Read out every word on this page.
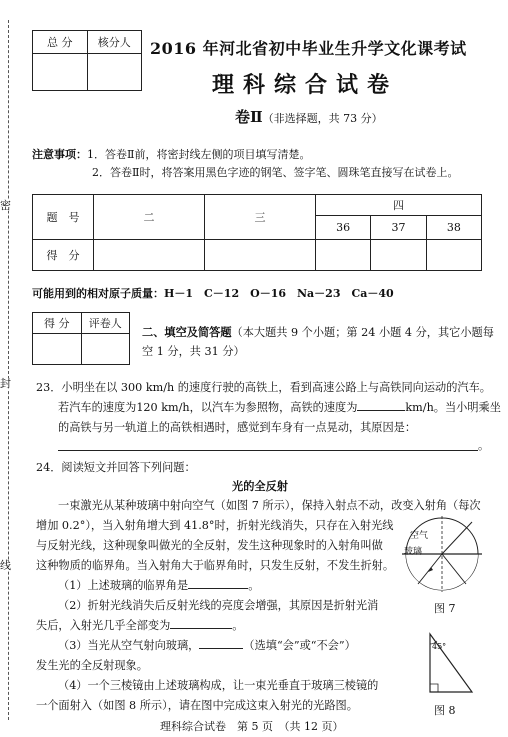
密
封
线
总 分	核分人
	2016 年河北省初中毕业生升学文化课考试
理科综合试卷
卷Ⅱ（非选择题，共 73 分）
注意事项：1．答卷Ⅱ前，将密封线左侧的项目填写清楚。
2．答卷Ⅱ时，将答案用黑色字迹的钢笔、签字笔、圆珠笔直接写在试卷上。
题　号	二	三	四		
			36	37	38
得　分					
可能用到的相对原子质量：H－1　C－12　O－16　Na－23　Ca－40
得 分	评卷人

二、填空及简答题（本大题共 9 个小题；第 24 小题 4 分，其它小题每
空 1 分，共 31 分）
23．小明坐在以 300 km/h 的速度行驶的高铁上，看到高速公路上与高铁同向运动的汽车。
若汽车的速度为120 km/h，以汽车为参照物，高铁的速度为	km/h。当小明乘坐
的高铁与另一轨道上的高铁相遇时，感觉到车身有一点晃动，其原因是：
。
24．阅读短文并回答下列问题：
光的全反射
一束激光从某种玻璃中射向空气（如图 7 所示），保持入射点不动，改变入射角（每次
增加 0.2°），当入射角增大到 41.8°时，折射光线消失，只存在入射光线
与反射光线，这种现象叫做光的全反射，发生这种现象时的入射角叫做
这种物质的临界角。当入射角大于临界角时，只发生反射，不发生折射。
（1）上述玻璃的临界角是	。
（2）折射光线消失后反射光线的亮度会增强，其原因是折射光消
失后，入射光几乎全部变为	。
（3）当光从空气射向玻璃，	（选填“会”或“不会”）
发生光的全反射现象。
（4）一个三棱镜由上述玻璃构成，让一束光垂直于玻璃三棱镜的
一个面射入（如图 8 所示），请在图中完成这束入射光的光路图。
空气
玻璃
图 7
45°
图 8
理科综合试卷　第 5 页　（共 12 页）
